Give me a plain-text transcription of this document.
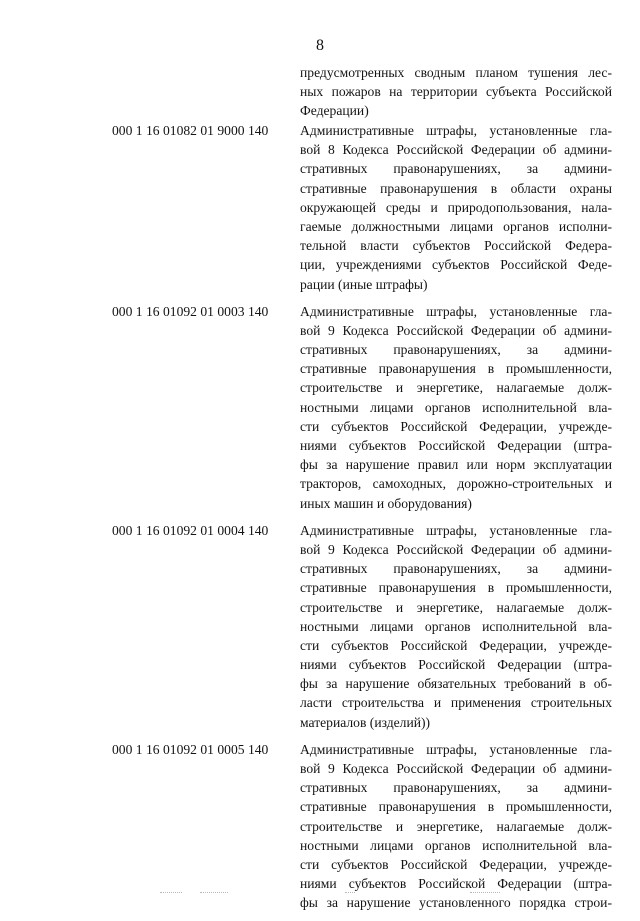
8
предусмотренных сводным планом тушения лес-
ных пожаров на территории субъекта Российской
Федерации)
000 1 16 01082 01 9000 140	Административные штрафы, установленные гла-
вой 8 Кодекса Российской Федерации об админи-
стративных правонарушениях, за админи-
стративные правонарушения в области охраны
окружающей среды и природопользования, нала-
гаемые должностными лицами органов исполни-
тельной власти субъектов Российской Федера-
ции, учреждениями субъектов Российской Феде-
рации (иные штрафы)
000 1 16 01092 01 0003 140	Административные штрафы, установленные гла-
вой 9 Кодекса Российской Федерации об админи-
стративных правонарушениях, за админи-
стративные правонарушения в промышленности,
строительстве и энергетике, налагаемые долж-
ностными лицами органов исполнительной вла-
сти субъектов Российской Федерации, учрежде-
ниями субъектов Российской Федерации (штра-
фы за нарушение правил или норм эксплуатации
тракторов, самоходных, дорожно-строительных и
иных машин и оборудования)
000 1 16 01092 01 0004 140	Административные штрафы, установленные гла-
вой 9 Кодекса Российской Федерации об админи-
стративных правонарушениях, за админи-
стративные правонарушения в промышленности,
строительстве и энергетике, налагаемые долж-
ностными лицами органов исполнительной вла-
сти субъектов Российской Федерации, учрежде-
ниями субъектов Российской Федерации (штра-
фы за нарушение обязательных требований в об-
ласти строительства и применения строительных
материалов (изделий))
000 1 16 01092 01 0005 140	Административные штрафы, установленные гла-
вой 9 Кодекса Российской Федерации об админи-
стративных правонарушениях, за админи-
стративные правонарушения в промышленности,
строительстве и энергетике, налагаемые долж-
ностными лицами органов исполнительной вла-
сти субъектов Российской Федерации, учрежде-
ниями субъектов Российской Федерации (штра-
фы за нарушение установленного порядка строи-
